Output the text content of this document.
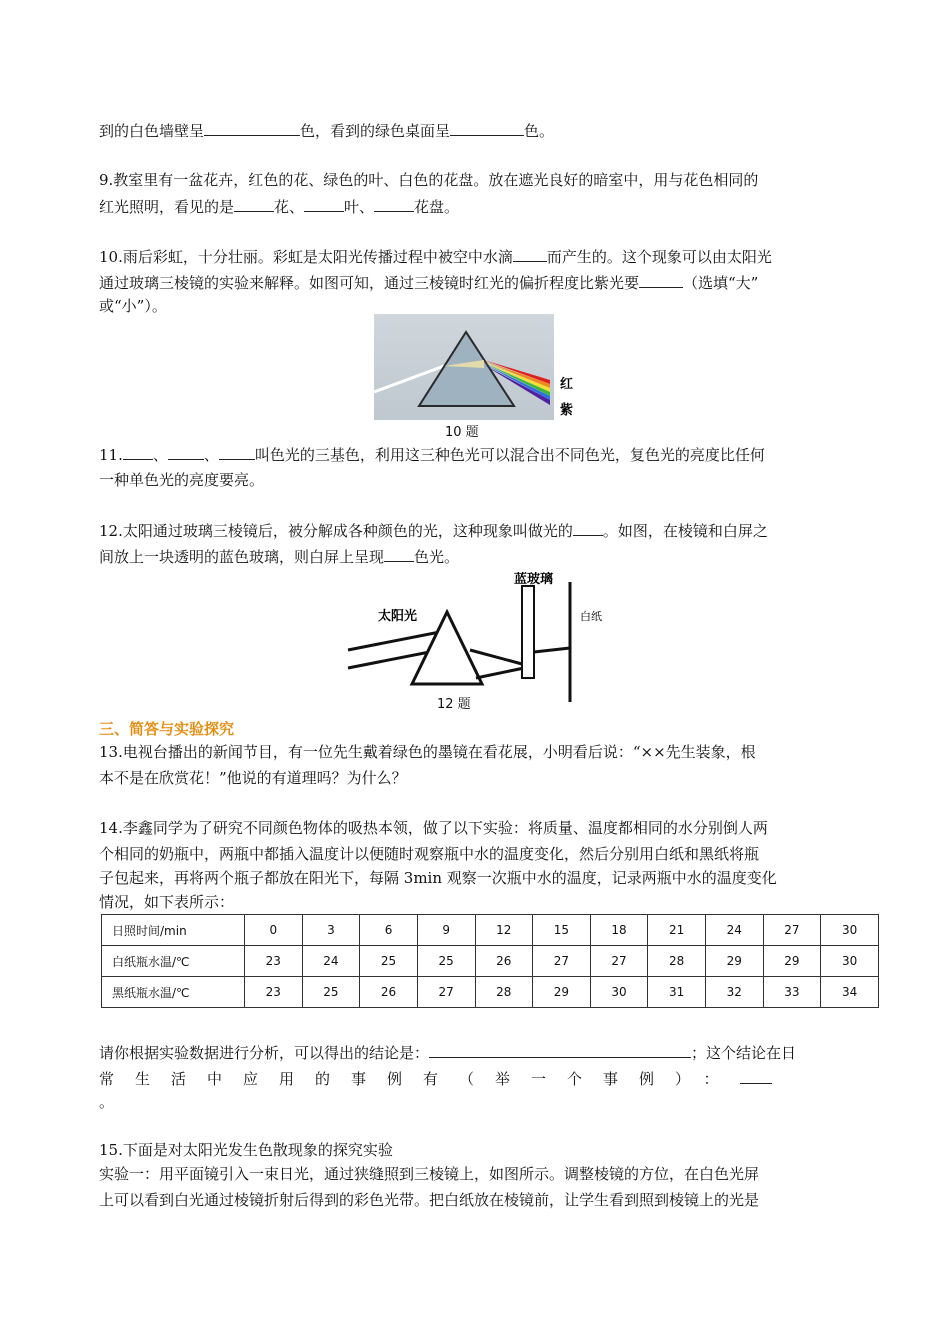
到的白色墙壁呈	色，看到的绿色桌面呈	色。
9.教室里有一盆花卉，红色的花、绿色的叶、白色的花盘。放在遮光良好的暗室中，用与花色相同的
红光照明，看见的是	花、	叶、	花盘。
10.雨后彩虹，十分壮丽。彩虹是太阳光传播过程中被空中水滴 而产生的。这个现象可以由太阳光
通过玻璃三棱镜的实验来解释。如图可知，通过三棱镜时红光的偏折程度比紫光要	（选填“大”
或“小”）。
红
紫
10 题
11. 、 、 叫色光的三基色，利用这三种色光可以混合出不同色光，复色光的亮度比任何
一种单色光的亮度要亮。
12.太阳通过玻璃三棱镜后，被分解成各种颜色的光，这种现象叫做光的 。如图，在棱镜和白屏之
间放上一块透明的蓝色玻璃，则白屏上呈现 色光。
太阳光
蓝玻璃
白纸
12 题
三、简答与实验探究
13.电视台播出的新闻节目，有一位先生戴着绿色的墨镜在看花展，小明看后说：“××先生装象，根
本不是在欣赏花！”他说的有道理吗？为什么？
14.李鑫同学为了研究不同颜色物体的吸热本领，做了以下实验：将质量、温度都相同的水分别倒人两
个相同的奶瓶中，两瓶中都插入温度计以便随时观察瓶中水的温度变化，然后分别用白纸和黑纸将瓶
子包起来，再将两个瓶子都放在阳光下，每隔 3min 观察一次瓶中水的温度，记录两瓶中水的温度变化
情况，如下表所示：
日照时间/min	0	3	6	9	12	15	18	21	24	27	30
白纸瓶水温/℃	23	24	25	25	26	27	27	28	29	29	30
黑纸瓶水温/℃	23	25	26	27	28	29	30	31	32	33	34
请你根据实验数据进行分析，可以得出的结论是：	；这个结论在日
常生活中应用的事例有（举一个事例）：
。
15.下面是对太阳光发生色散现象的探究实验
实验一：用平面镜引入一束日光，通过狭缝照到三棱镜上，如图所示。调整棱镜的方位，在白色光屏
上可以看到白光通过棱镜折射后得到的彩色光带。把白纸放在棱镜前，让学生看到照到棱镜上的光是
